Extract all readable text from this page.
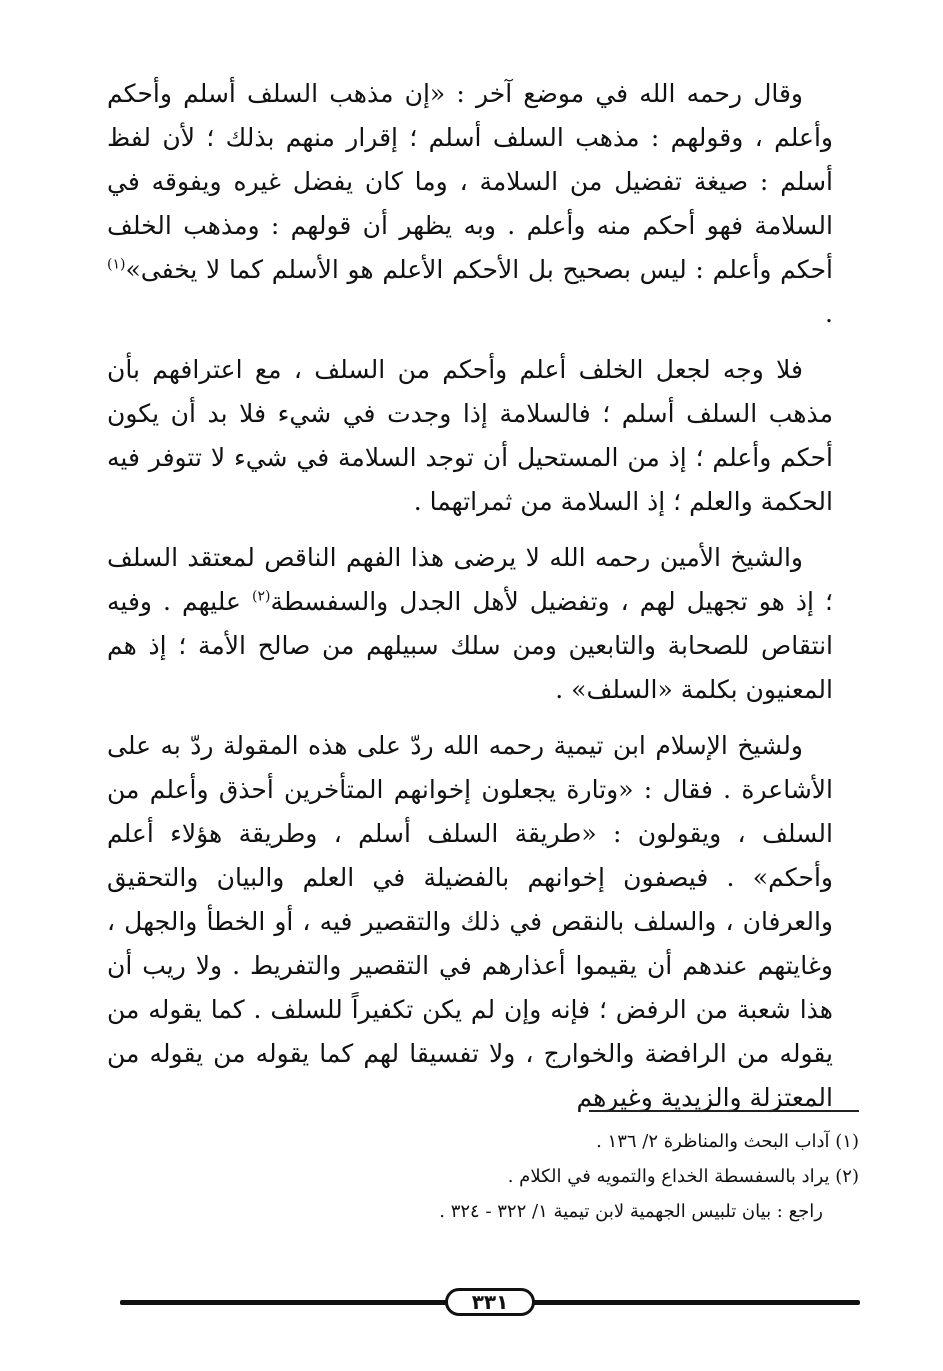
وقال رحمه الله في موضع آخر : «إن مذهب السلف أسلم وأحكم وأعلم ، وقولهم : مذهب السلف أسلم ؛ إقرار منهم بذلك ؛ لأن لفظ أسلم : صيغة تفضيل من السلامة ، وما كان يفضل غيره ويفوقه في السلامة فهو أحكم منه وأعلم . وبه يظهر أن قولهم : ومذهب الخلف أحكم وأعلم : ليس بصحيح بل الأحكم الأعلم هو الأسلم كما لا يخفى»$^{(١)}$ .

فلا وجه لجعل الخلف أعلم وأحكم من السلف ، مع اعترافهم بأن مذهب السلف أسلم ؛ فالسلامة إذا وجدت في شيء فلا بد أن يكون أحكم وأعلم ؛ إذ من المستحيل أن توجد السلامة في شيء لا تتوفر فيه الحكمة والعلم ؛ إذ السلامة من ثمراتهما .

والشيخ الأمين رحمه الله لا يرضى هذا الفهم الناقص لمعتقد السلف ؛ إذ هو تجهيل لهم ، وتفضيل لأهل الجدل والسفسطة$^{(٢)}$ عليهم . وفيه انتقاص للصحابة والتابعين ومن سلك سبيلهم من صالح الأمة ؛ إذ هم المعنيون بكلمة «السلف» .

ولشيخ الإسلام ابن تيمية رحمه الله ردّ على هذه المقولة ردّ به على الأشاعرة . فقال : «وتارة يجعلون إخوانهم المتأخرين أحذق وأعلم من السلف ، ويقولون : «طريقة السلف أسلم ، وطريقة هؤلاء أعلم وأحكم» . فيصفون إخوانهم بالفضيلة في العلم والبيان والتحقيق والعرفان ، والسلف بالنقص في ذلك والتقصير فيه ، أو الخطأ والجهل ، وغايتهم عندهم أن يقيموا أعذارهم في التقصير والتفريط . ولا ريب أن هذا شعبة من الرفض ؛ فإنه وإن لم يكن تكفيراً للسلف . كما يقوله من يقوله من الرافضة والخوارج ، ولا تفسيقا لهم كما يقوله من يقوله من المعتزلة والزيدية وغيرهم

(١) آداب البحث والمناظرة ٢/ ١٣٦ .

(٢) يراد بالسفسطة الخداع والتمويه في الكلام .

راجع : بيان تلبيس الجهمية لابن تيمية ١/ ٣٢٢ - ٣٢٤ .

٣٣١
